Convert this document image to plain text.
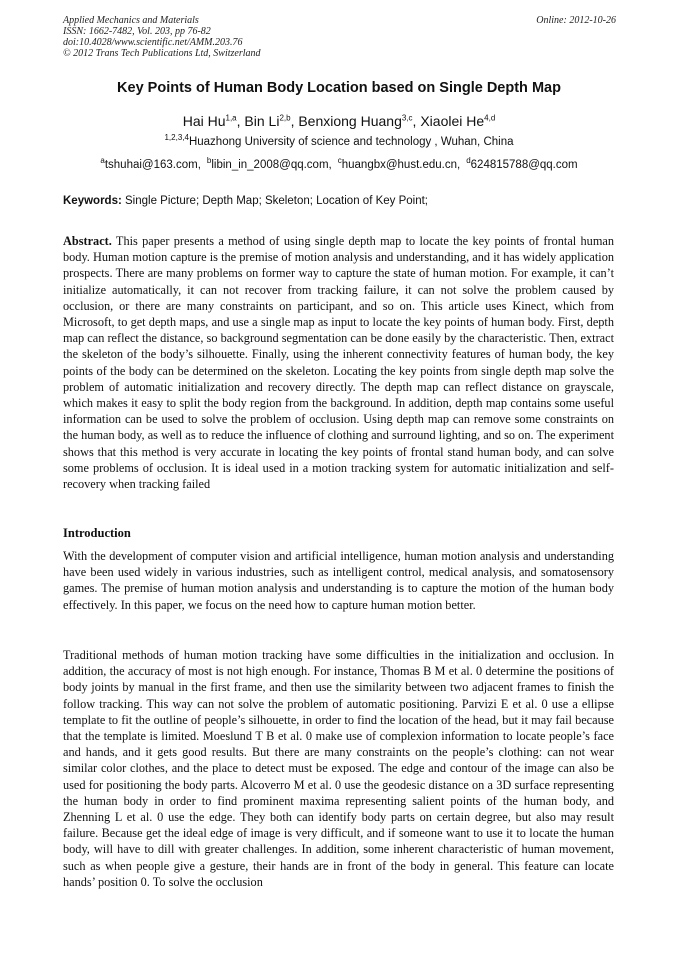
Applied Mechanics and Materials
ISSN: 1662-7482, Vol. 203, pp 76-82
doi:10.4028/www.scientific.net/AMM.203.76
© 2012 Trans Tech Publications Ltd, Switzerland
Online: 2012-10-26
Key Points of Human Body Location based on Single Depth Map
Hai Hu$^{1,a}$, Bin Li$^{2,b}$, Benxiong Huang$^{3,c}$, Xiaolei He$^{4,d}$
$^{1,2,3,4}$Huazhong University of science and technology , Wuhan, China
$^a$tshuhai@163.com, $^b$libin_in_2008@qq.com, $^c$huangbx@hust.edu.cn, $^d$624815788@qq.com
Keywords: Single Picture; Depth Map; Skeleton; Location of Key Point;

Abstract. This paper presents a method of using single depth map to locate the key points of frontal human body. Human motion capture is the premise of motion analysis and understanding, and it has widely application prospects. There are many problems on former way to capture the state of human motion. For example, it can’t initialize automatically, it can not recover from tracking failure, it can not solve the problem caused by occlusion, or there are many constraints on participant, and so on. This article uses Kinect, which from Microsoft, to get depth maps, and use a single map as input to locate the key points of human body. First, depth map can reflect the distance, so background segmentation can be done easily by the characteristic. Then, extract the skeleton of the body’s silhouette. Finally, using the inherent connectivity features of human body, the key points of the body can be determined on the skeleton. Locating the key points from single depth map solve the problem of automatic initialization and recovery directly. The depth map can reflect distance on grayscale, which makes it easy to split the body region from the background. In addition, depth map contains some useful information can be used to solve the problem of occlusion. Using depth map can remove some constraints on the human body, as well as to reduce the influence of clothing and surround lighting, and so on. The experiment shows that this method is very accurate in locating the key points of frontal stand human body, and can solve some problems of occlusion. It is ideal used in a motion tracking system for automatic initialization and self-recovery when tracking failed

Introduction

With the development of computer vision and artificial intelligence, human motion analysis and understanding have been used widely in various industries, such as intelligent control, medical analysis, and somatosensory games. The premise of human motion analysis and understanding is to capture the motion of the human body effectively. In this paper, we focus on the need how to capture human motion better.

Traditional methods of human motion tracking have some difficulties in the initialization and occlusion. In addition, the accuracy of most is not high enough. For instance, Thomas B M et al. 0 determine the positions of body joints by manual in the first frame, and then use the similarity between two adjacent frames to finish the follow tracking. This way can not solve the problem of automatic positioning. Parvizi E et al. 0 use a ellipse template to fit the outline of people’s silhouette, in order to find the location of the head, but it may fail because that the template is limited. Moeslund T B et al. 0 make use of complexion information to locate people’s face and hands, and it gets good results. But there are many constraints on the people’s clothing: can not wear similar color clothes, and the place to detect must be exposed. The edge and contour of the image can also be used for positioning the body parts. Alcoverro M et al. 0 use the geodesic distance on a 3D surface representing the human body in order to find prominent maxima representing salient points of the human body, and Zhenning L et al. 0 use the edge. They both can identify body parts on certain degree, but also may result failure. Because get the ideal edge of image is very difficult, and if someone want to use it to locate the human body, will have to dill with greater challenges. In addition, some inherent characteristic of human movement, such as when people give a gesture, their hands are in front of the body in general. This feature can locate hands’ position 0. To solve the occlusion
